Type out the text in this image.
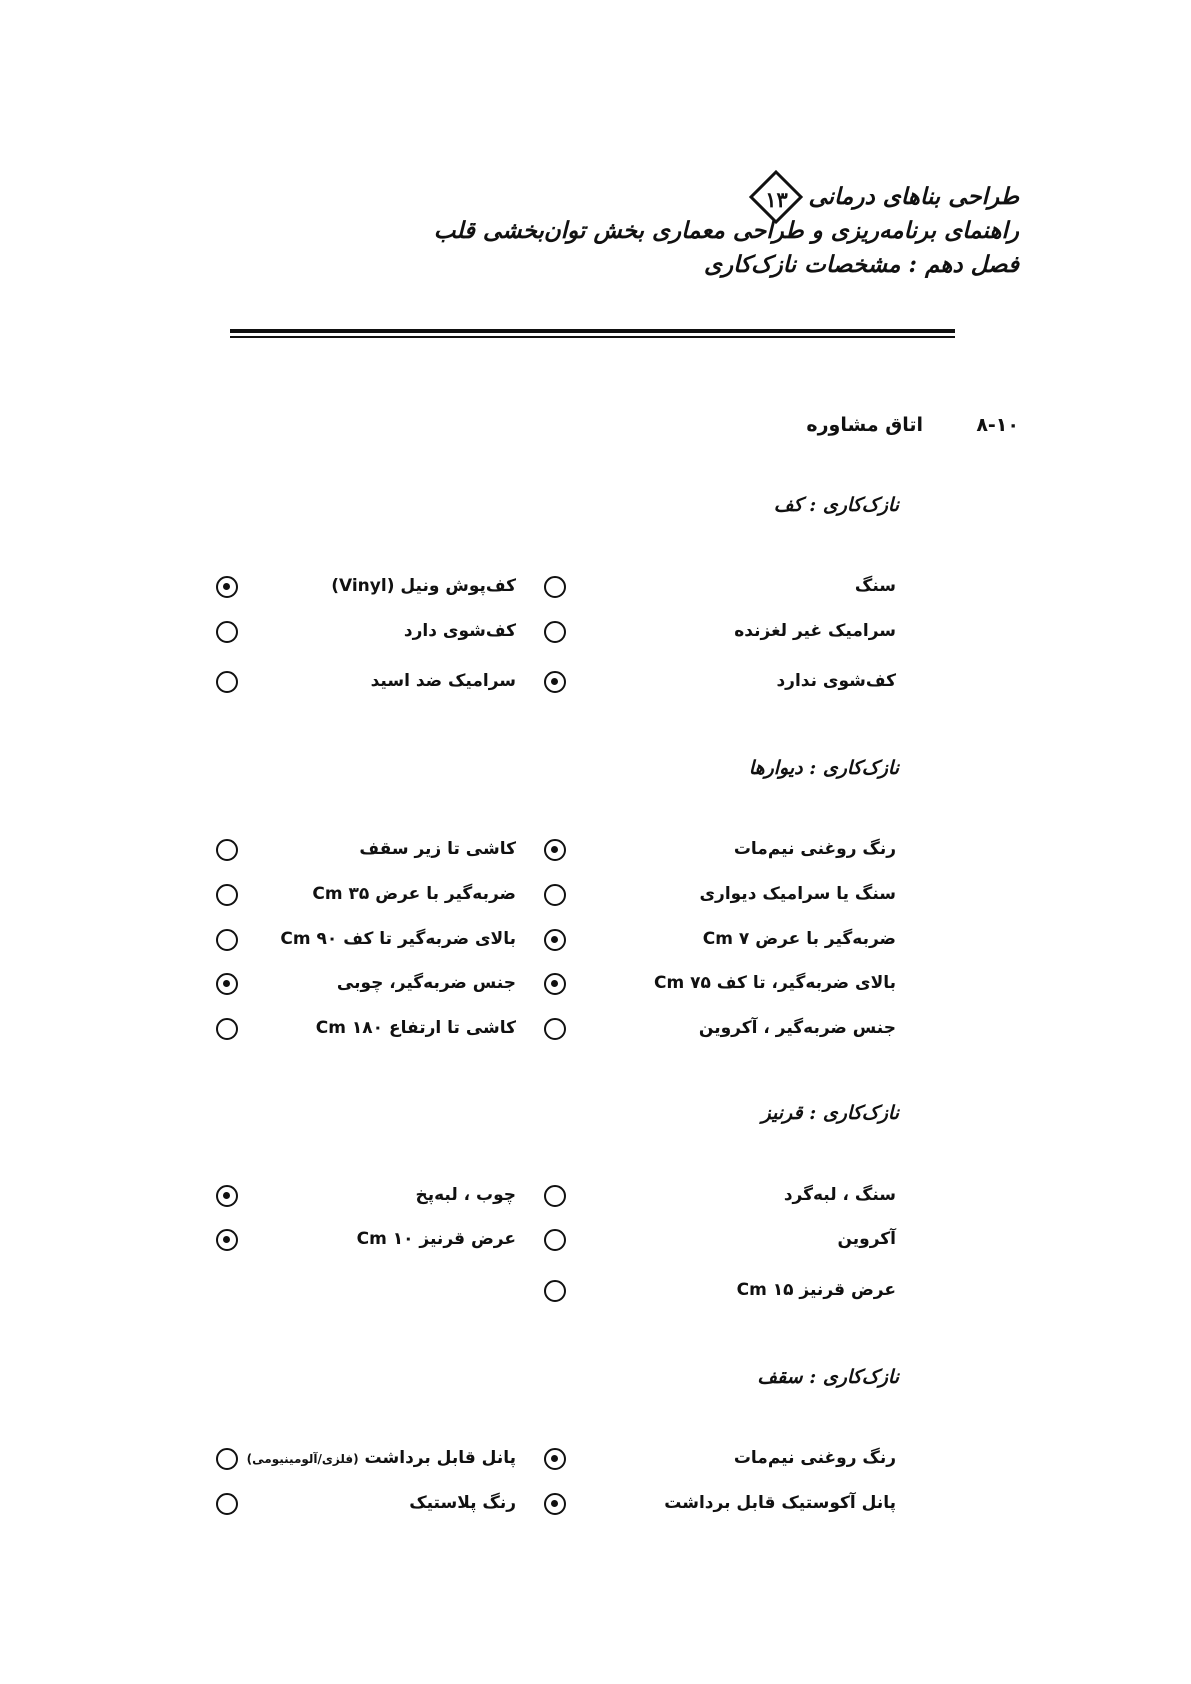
طراحی بناهای درمانی
۱۳
راهنمای برنامه‌ریزی و طراحی معماری بخش توان‌بخشی قلب
فصل دهم : مشخصات نازک‌کاری
۸-۱۰اتاق مشاوره
نازک‌کاری : کف
سنگ
سرامیک غیر لغزنده
کف‌شوی ندارد
کف‌پوش ونیل (Vinyl)
کف‌شوی دارد
سرامیک ضد اسید
نازک‌کاری : دیوارها
رنگ روغنی نیم‌مات
سنگ یا سرامیک دیواری
ضربه‌گیر با عرض ۷ Cm
بالای ضربه‌گیر، تا کف ۷۵ Cm
جنس ضربه‌گیر ، آکروین
کاشی تا زیر سقف
ضربه‌گیر با عرض ۳۵ Cm
بالای ضربه‌گیر تا کف ۹۰ Cm
جنس ضربه‌گیر، چوبی
کاشی تا ارتفاع ۱۸۰ Cm
نازک‌کاری : قرنیز
سنگ ، لبه‌گرد
آکروین
عرض قرنیز ۱۵ Cm
چوب ، لبه‌پخ
عرض قرنیز ۱۰ Cm
نازک‌کاری : سقف
رنگ روغنی نیم‌مات
پانل آکوستیک قابل برداشت
پانل قابل برداشت (فلزی/آلومینیومی)
رنگ پلاستیک
